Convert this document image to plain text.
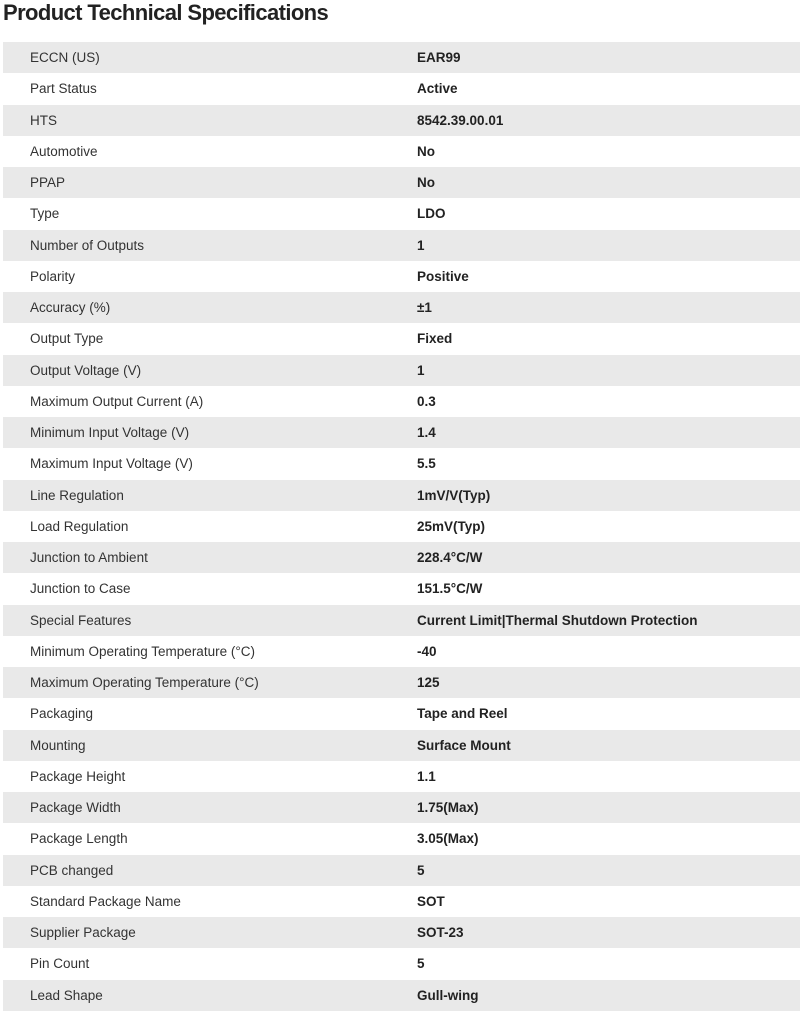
Product Technical Specifications
ECCN (US)	EAR99
Part Status	Active
HTS	8542.39.00.01
Automotive	No
PPAP	No
Type	LDO
Number of Outputs	1
Polarity	Positive
Accuracy (%)	±1
Output Type	Fixed
Output Voltage (V)	1
Maximum Output Current (A)	0.3
Minimum Input Voltage (V)	1.4
Maximum Input Voltage (V)	5.5
Line Regulation	1mV/V(Typ)
Load Regulation	25mV(Typ)
Junction to Ambient	228.4°C/W
Junction to Case	151.5°C/W
Special Features	Current Limit|Thermal Shutdown Protection
Minimum Operating Temperature (°C)	-40
Maximum Operating Temperature (°C)	125
Packaging	Tape and Reel
Mounting	Surface Mount
Package Height	1.1
Package Width	1.75(Max)
Package Length	3.05(Max)
PCB changed	5
Standard Package Name	SOT
Supplier Package	SOT-23
Pin Count	5
Lead Shape	Gull-wing
